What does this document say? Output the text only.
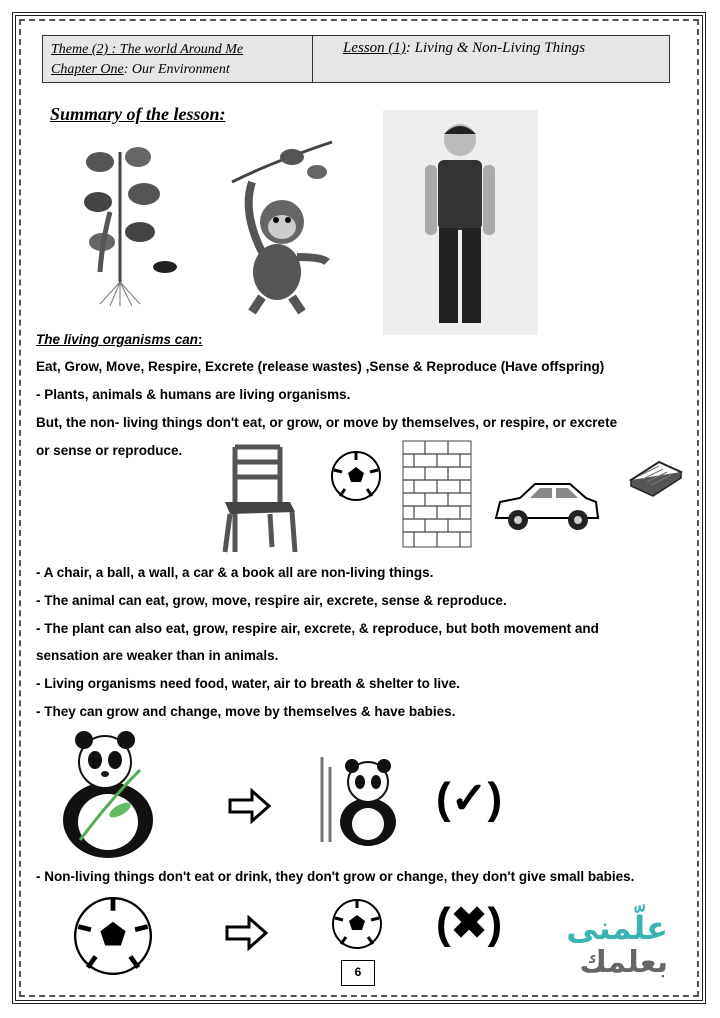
Theme (2) : The world Around Me
Chapter One: Our Environment
Lesson (1): Living & Non-Living Things
Summary of the lesson:
The living organisms can:
Eat, Grow, Move, Respire, Excrete (release wastes) ,Sense & Reproduce (Have offspring)
- Plants, animals & humans are living organisms.
But, the non- living things don't eat, or grow, or move by themselves, or respire, or excrete
or sense or reproduce.
- A chair, a ball, a wall, a car & a book all are non-living things.
- The animal can eat, grow, move, respire air, excrete, sense & reproduce.
- The plant can also eat, grow, respire air, excrete, & reproduce, but both movement and
sensation are weaker than in animals.
- Living organisms need food, water, air to breath & shelter to live.
- They can grow and change, move by themselves & have babies.
(✓)
- Non-living things don't eat or drink, they don't grow or change, they don't give small babies.
(✖)
6
علّمنى
بعلمك
